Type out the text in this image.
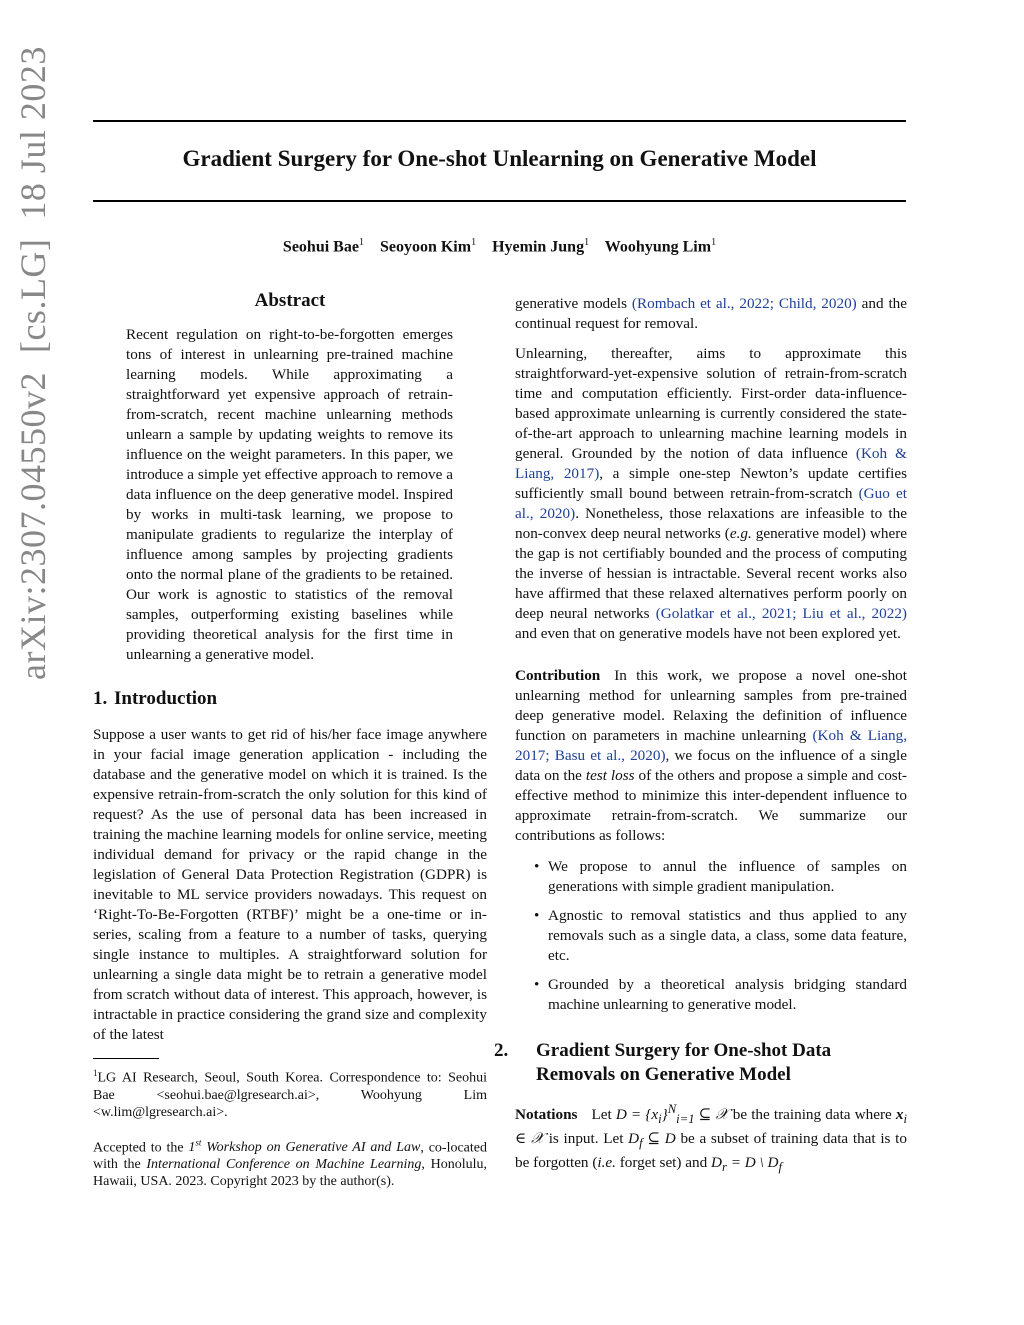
Gradient Surgery for One-shot Unlearning on Generative Model
Seohui Bae$^1$ Seoyoon Kim$^1$ Hyemin Jung$^1$ Woohyung Lim$^1$
arXiv:2307.04550v2  [cs.LG]  18 Jul 2023	Abstract

Recent regulation on right-to-be-forgotten emerges tons of interest in unlearning pre-trained machine learning models. While approximating a straightforward yet expensive approach of retrain-from-scratch, recent machine unlearning methods unlearn a sample by updating weights to remove its influence on the weight parameters. In this paper, we introduce a simple yet effective approach to remove a data influence on the deep generative model. Inspired by works in multi-task learning, we propose to manipulate gradients to regularize the interplay of influence among samples by projecting gradients onto the normal plane of the gradients to be retained. Our work is agnostic to statistics of the removal samples, outperforming existing baselines while providing theoretical analysis for the first time in unlearning a generative model.

1. Introduction

Suppose a user wants to get rid of his/her face image anywhere in your facial image generation application - including the database and the generative model on which it is trained. Is the expensive retrain-from-scratch the only solution for this kind of request? As the use of personal data has been increased in training the machine learning models for online service, meeting individual demand for privacy or the rapid change in the legislation of General Data Protection Registration (GDPR) is inevitable to ML service providers nowadays. This request on ‘Right-To-Be-Forgotten (RTBF)’ might be a one-time or in-series, scaling from a feature to a number of tasks, querying single instance to multiples. A straightforward solution for unlearning a single data might be to retrain a generative model from scratch without data of interest. This approach, however, is intractable in practice considering the grand size and complexity of the latest

$^1$LG AI Research, Seoul, South Korea. Correspondence to: Seohui Bae <seohui.bae@lgresearch.ai>, Woohyung Lim <w.lim@lgresearch.ai>.

Accepted to the 1st Workshop on Generative AI and Law, co-located with the International Conference on Machine Learning, Honolulu, Hawaii, USA. 2023. Copyright 2023 by the author(s).

generative models (Rombach et al., 2022; Child, 2020) and the continual request for removal.

Unlearning, thereafter, aims to approximate this straightforward-yet-expensive solution of retrain-from-scratch time and computation efficiently. First-order data-influence-based approximate unlearning is currently considered the state-of-the-art approach to unlearning machine learning models in general. Grounded by the notion of data influence (Koh & Liang, 2017), a simple one-step Newton’s update certifies sufficiently small bound between retrain-from-scratch (Guo et al., 2020). Nonetheless, those relaxations are infeasible to the non-convex deep neural networks (e.g. generative model) where the gap is not certifiably bounded and the process of computing the inverse of hessian is intractable. Several recent works also have affirmed that these relaxed alternatives perform poorly on deep neural networks (Golatkar et al., 2021; Liu et al., 2022) and even that on generative models have not been explored yet.

Contribution In this work, we propose a novel one-shot unlearning method for unlearning samples from pre-trained deep generative model. Relaxing the definition of influence function on parameters in machine unlearning (Koh & Liang, 2017; Basu et al., 2020), we focus on the influence of a single data on the test loss of the others and propose a simple and cost-effective method to minimize this inter-dependent influence to approximate retrain-from-scratch. We summarize our contributions as follows:

• We propose to annul the influence of samples on generations with simple gradient manipulation.
• Agnostic to removal statistics and thus applied to any removals such as a single data, a class, some data feature, etc.
• Grounded by a theoretical analysis bridging standard machine unlearning to generative model.
2. Gradient Surgery for One-shot Data Removals on Generative Model

Notations Let $D = \{x_i\}^N_{i=1}$ ⊆ 𝒳 be the training data where $x_i$ ∈ 𝒳 is input. Let $D_f$ ⊆ D be a subset of training data that is to be forgotten (i.e. forget set) and $D_r = D$ \ $D_f$
